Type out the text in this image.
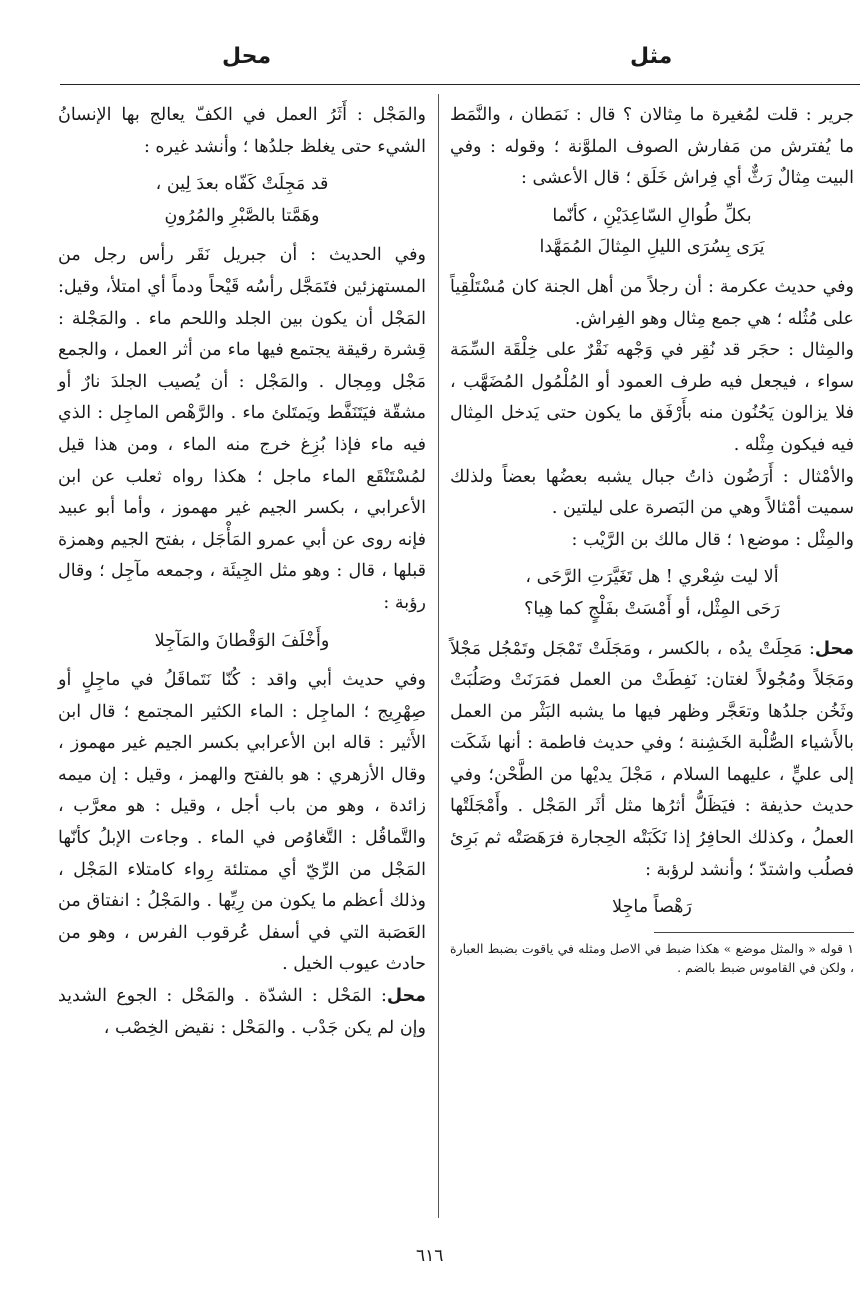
مثل
محل

جرير : قلت لمُغيرة ما مِثالان ؟ قال : نَمَطان ، والنَّمَط ما يُفترش من مَفارش الصوف الملوَّنة ؛ وقوله : وفي البيت مِثالٌ رَثٌّ أي فِراش خَلَق ؛ قال الأعشى :

بكلِّ طُوالِ السّاعِدَيْنِ ، كأنّما
يَرَى بِسُرَى الليلِ المِثالَ المُمَهَّدا

وفي حديث عكرمة : أن رجلاً من أهل الجنة كان مُسْتَلْقِياً على مُثُله ؛ هي جمع مِثال وهو الفِراش.

والمِثال : حجَر قد نُقِر في وَجْهه نَقْرٌ على خِلْقَة السِّمَة سواء ، فيجعل فيه طرف العمود أو المُلْمُول المُضَهَّب ، فلا يزالون يَحُنُون منه بأَرْفَق ما يكون حتى يَدخل المِثال فيه فيكون مِثْله .

والأمْثال : أَرَضُون ذاتُ جبال يشبه بعضُها بعضاً ولذلك سميت أمْثالاً وهي من البَصرة على ليلتين .

والمِثْل : موضع١ ؛ قال مالك بن الرَّيْب :

ألا ليت شِعْري ! هل تَغَيَّرَتِ الرَّحَى ،
رَحَى المِثْل، أو أَمْسَتْ بفَلْجٍ كما هِيا؟

محل: مَحِلَتْ يدُه ، بالكسر ، ومَجَلَتْ تَمْجَل وتَمْجُل مَجْلاً ومَجَلاً ومُجُولاً لغتان: نَفِطَتْ من العمل فمَرَنَتْ وصَلُبَتْ وثَخُن جلدُها وتعَجَّر وظهر فيها ما يشبه البَثْر من العمل بالأَشياء الصُّلْبة الخَشِنة ؛ وفي حديث فاطمة : أنها شَكَت إلى عليٍّ ، عليهما السلام ، مَجْلَ يديْها من الطَّحْن؛ وفي حديث حذيفة : فيَظَلُّ أثرُها مثل أثَر المَجْل . وأَمْجَلَتْها العملُ ، وكذلك الحافِرُ إذا نَكَبَتْه الحِجارة فرَهَصَتْه ثم بَرِئ فصلُب واشتدّ ؛ وأنشد لرؤبة :

رَهْصاً ماجِلا

١ قوله « والمثل موضع » هكذا ضبط في الاصل ومثله في ياقوت بضبط العبارة ، ولكن في القاموس ضبط بالضم .

والمَجْل : أَثَرُ العمل في الكفّ يعالج بها الإنسانُ الشيء حتى يغلظ جلدُها ؛ وأنشد غيره :

قد مَجِلَتْ كَفّاه بعدَ لِين ،
وهَمَّتا بالصَّبْرِ والمُرُونِ

وفي الحديث : أن جبريل نَقَر رأس رجل من المستهزئين فتَمَجَّل رأسُه قَيْحاً ودماً أي امتلأ، وقيل: المَجْل أن يكون بين الجلد واللحم ماء . والمَجْلة : قِشرة رقيقة يجتمع فيها ماء من أثر العمل ، والجمع مَجْل ومِجال . والمَجْل : أن يُصيب الجلدَ نارٌ أو مشقّة فيَتَنَفَّط ويَمتَلئ ماء . والرَّهْص الماجِل : الذي فيه ماء فإذا بُزِغ خرج منه الماء ، ومن هذا قيل لمُسْتَنْقَع الماء ماجل ؛ هكذا رواه ثعلب عن ابن الأعرابي ، بكسر الجيم غير مهموز ، وأما أبو عبيد فإنه روى عن أبي عمرو المَأْجَل ، بفتح الجيم وهمزة قبلها ، قال : وهو مثل الجِيئَة ، وجمعه مآجِل ؛ وقال رؤبة :

وأَخْلَفَ الوَقْطانَ والمَآجِلا

وفي حديث أبي واقد : كُنّا نَتَماقَلُ في ماجِلٍ أو صِهْرِيج ؛ الماجِل : الماء الكثير المجتمع ؛ قال ابن الأَثير : قاله ابن الأعرابي بكسر الجيم غير مهموز ، وقال الأزهري : هو بالفتح والهمز ، وقيل : إن ميمه زائدة ، وهو من باب أجل ، وقيل : هو معرَّب ، والتَّماقُل : التَّغاوُص في الماء . وجاءت الإبلُ كأنّها المَجْل من الرِّيّ أي ممتلئة رِواء كامتلاء المَجْل ، وذلك أعظم ما يكون من رِيِّها . والمَجْلُ : انفتاق من العَصَبة التي في أسفل عُرقوب الفرس ، وهو من حادث عيوب الخيل .

محل: المَحْل : الشدّة . والمَحْل : الجوع الشديد وإن لم يكن جَدْب . والمَحْل : نقيض الخِصْب ،

٦١٦
